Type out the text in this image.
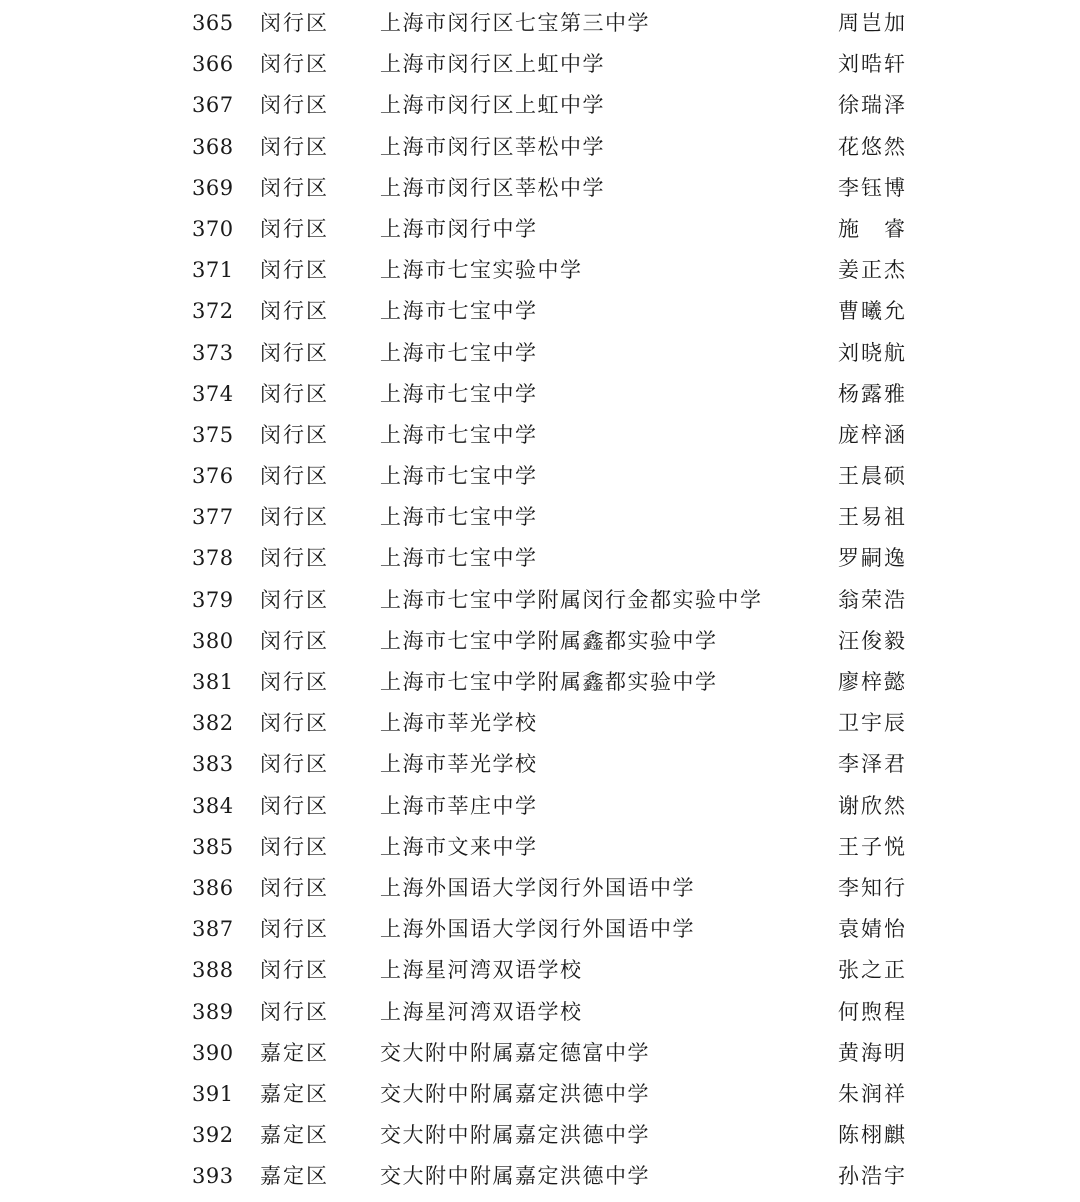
365 闵行区 上海市闵行区七宝第三中学	周岂加
366 闵行区 上海市闵行区上虹中学	刘晧轩
367 闵行区 上海市闵行区上虹中学	徐瑞泽
368 闵行区 上海市闵行区莘松中学	花悠然
369 闵行区 上海市闵行区莘松中学	李钰博
370 闵行区 上海市闵行中学	施　睿
371 闵行区 上海市七宝实验中学	姜正杰
372 闵行区 上海市七宝中学	曹曦允
373 闵行区 上海市七宝中学	刘晓航
374 闵行区 上海市七宝中学	杨露雅
375 闵行区 上海市七宝中学	庞梓涵
376 闵行区 上海市七宝中学	王晨硕
377 闵行区 上海市七宝中学	王易祖
378 闵行区 上海市七宝中学	罗嗣逸
379 闵行区 上海市七宝中学附属闵行金都实验中学	翁荣浩
380 闵行区 上海市七宝中学附属鑫都实验中学	汪俊毅
381 闵行区 上海市七宝中学附属鑫都实验中学	廖梓懿
382 闵行区 上海市莘光学校	卫宇辰
383 闵行区 上海市莘光学校	李泽君
384 闵行区 上海市莘庄中学	谢欣然
385 闵行区 上海市文来中学	王子悦
386 闵行区 上海外国语大学闵行外国语中学	李知行
387 闵行区 上海外国语大学闵行外国语中学	袁婧怡
388 闵行区 上海星河湾双语学校	张之正
389 闵行区 上海星河湾双语学校	何煦程
390 嘉定区 交大附中附属嘉定德富中学	黄海明
391 嘉定区 交大附中附属嘉定洪德中学	朱润祥
392 嘉定区 交大附中附属嘉定洪德中学	陈栩麒
393 嘉定区 交大附中附属嘉定洪德中学	孙浩宇
